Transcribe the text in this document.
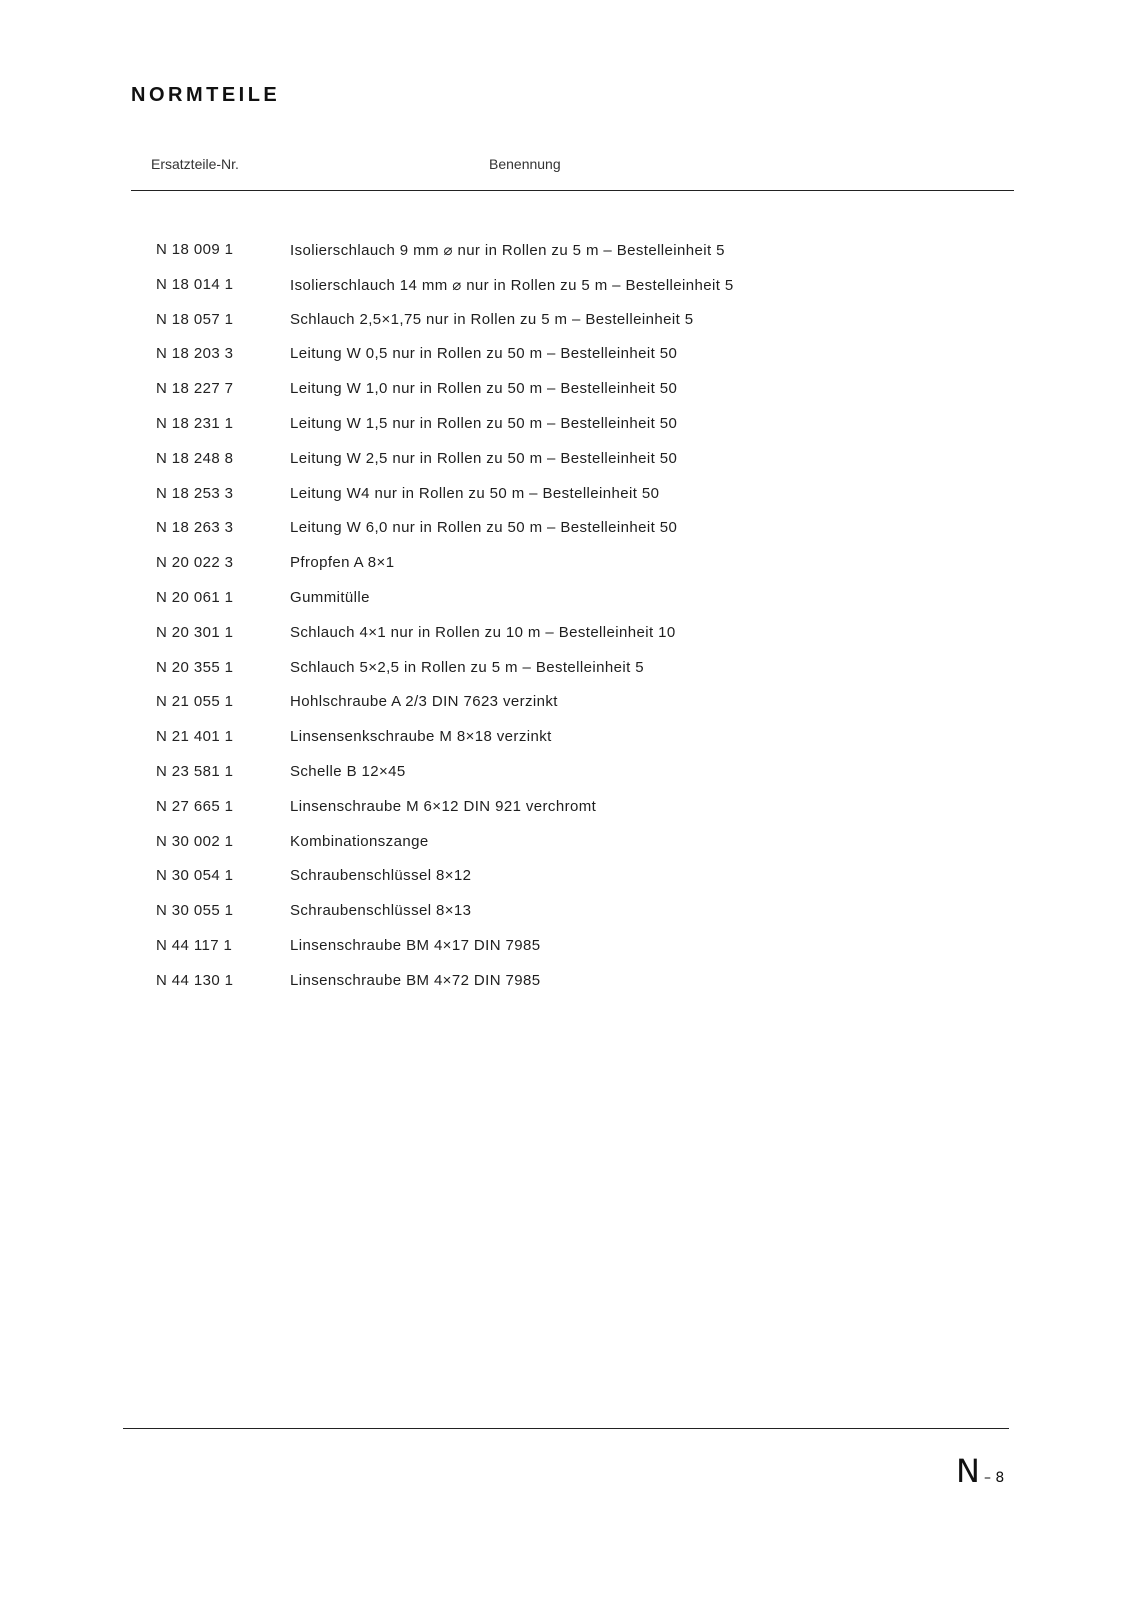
NORMTEILE
Ersatzteile-Nr.	Benennung
N 18 009 1	Isolierschlauch 9 mm ⌀ nur in Rollen zu 5 m – Bestelleinheit 5
N 18 014 1	Isolierschlauch 14 mm ⌀ nur in Rollen zu 5 m – Bestelleinheit 5
N 18 057 1	Schlauch 2,5×1,75 nur in Rollen zu 5 m – Bestelleinheit 5
N 18 203 3	Leitung W 0,5 nur in Rollen zu 50 m – Bestelleinheit 50
N 18 227 7	Leitung W 1,0 nur in Rollen zu 50 m – Bestelleinheit 50
N 18 231 1	Leitung W 1,5 nur in Rollen zu 50 m – Bestelleinheit 50
N 18 248 8	Leitung W 2,5 nur in Rollen zu 50 m – Bestelleinheit 50
N 18 253 3	Leitung W4 nur in Rollen zu 50 m – Bestelleinheit 50
N 18 263 3	Leitung W 6,0 nur in Rollen zu 50 m – Bestelleinheit 50
N 20 022 3	Pfropfen A 8×1
N 20 061 1	Gummitülle
N 20 301 1	Schlauch 4×1 nur in Rollen zu 10 m – Bestelleinheit 10
N 20 355 1	Schlauch 5×2,5 in Rollen zu 5 m – Bestelleinheit 5
N 21 055 1	Hohlschraube A 2/3 DIN 7623 verzinkt
N 21 401 1	Linsensenkschraube M 8×18 verzinkt
N 23 581 1	Schelle B 12×45
N 27 665 1	Linsenschraube M 6×12 DIN 921 verchromt
N 30 002 1	Kombinationszange
N 30 054 1	Schraubenschlüssel 8×12
N 30 055 1	Schraubenschlüssel 8×13
N 44 117 1	Linsenschraube BM 4×17 DIN 7985
N 44 130 1	Linsenschraube BM 4×72 DIN 7985
N – 8
